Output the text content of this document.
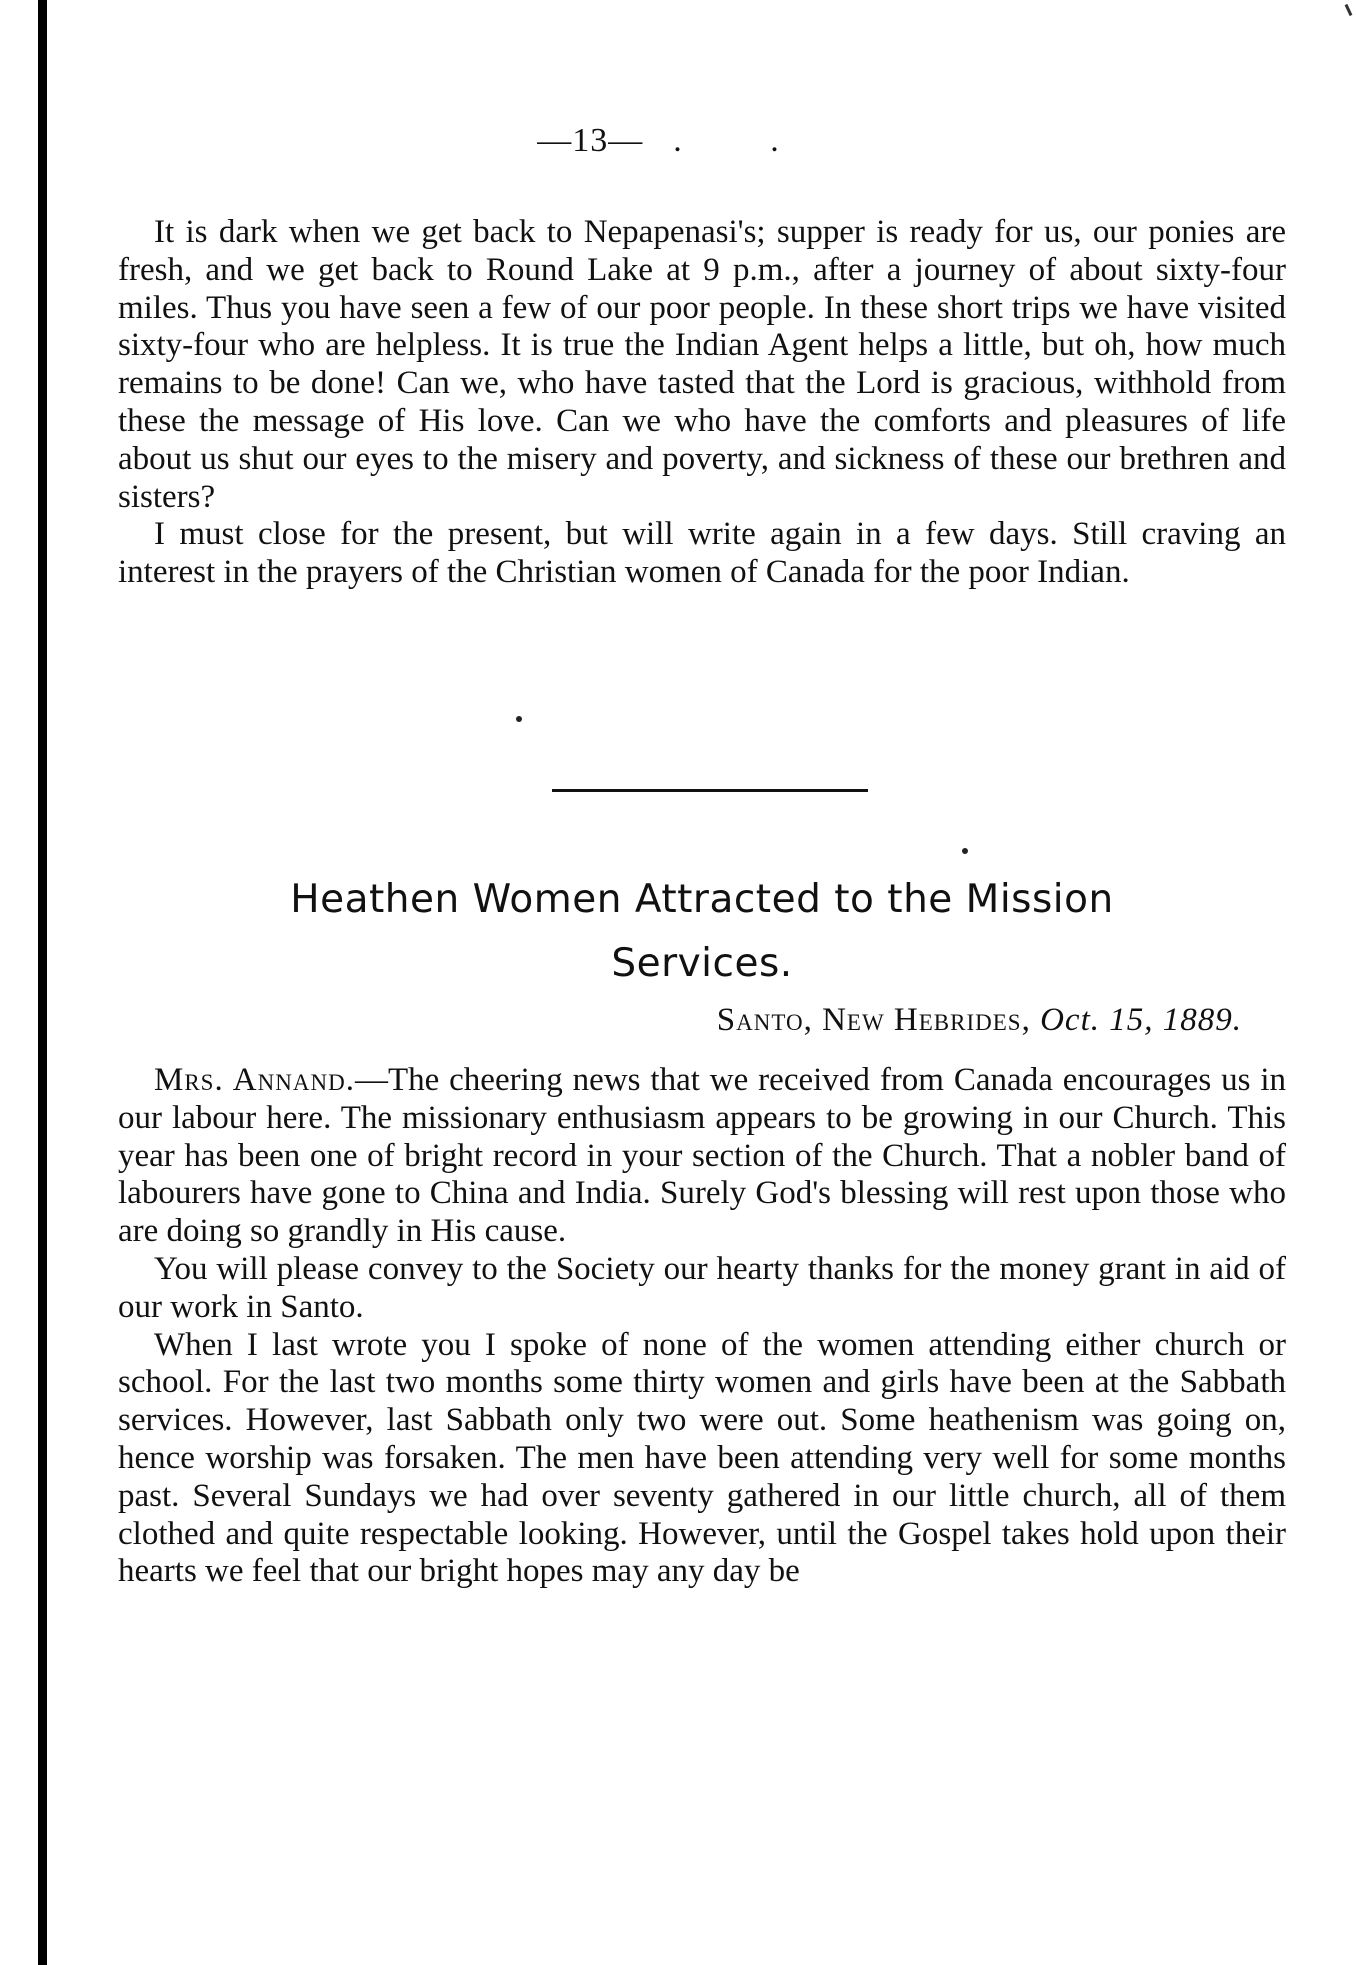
—13— . .

It is dark when we get back to Nepapenasi's; supper is ready for us, our ponies are fresh, and we get back to Round Lake at 9 p.m., after a journey of about sixty-four miles. Thus you have seen a few of our poor people. In these short trips we have visited sixty-four who are helpless. It is true the Indian Agent helps a little, but oh, how much remains to be done! Can we, who have tasted that the Lord is gracious, withhold from these the message of His love. Can we who have the comforts and pleasures of life about us shut our eyes to the misery and poverty, and sickness of these our brethren and sisters?

I must close for the present, but will write again in a few days. Still craving an interest in the prayers of the Christian women of Canada for the poor Indian.

Heathen Women Attracted to the Mission
Services.
Santo, New Hebrides, Oct. 15, 1889.

Mrs. Annand.—The cheering news that we received from Canada encourages us in our labour here. The missionary enthusiasm appears to be growing in our Church. This year has been one of bright record in your section of the Church. That a nobler band of labourers have gone to China and India. Surely God's blessing will rest upon those who are doing so grandly in His cause.

You will please convey to the Society our hearty thanks for the money grant in aid of our work in Santo.

When I last wrote you I spoke of none of the women attending either church or school. For the last two months some thirty women and girls have been at the Sabbath services. However, last Sabbath only two were out. Some heathenism was going on, hence worship was forsaken. The men have been attending very well for some months past. Several Sundays we had over seventy gathered in our little church, all of them clothed and quite respectable looking. However, until the Gospel takes hold upon their hearts we feel that our bright hopes may any day be
